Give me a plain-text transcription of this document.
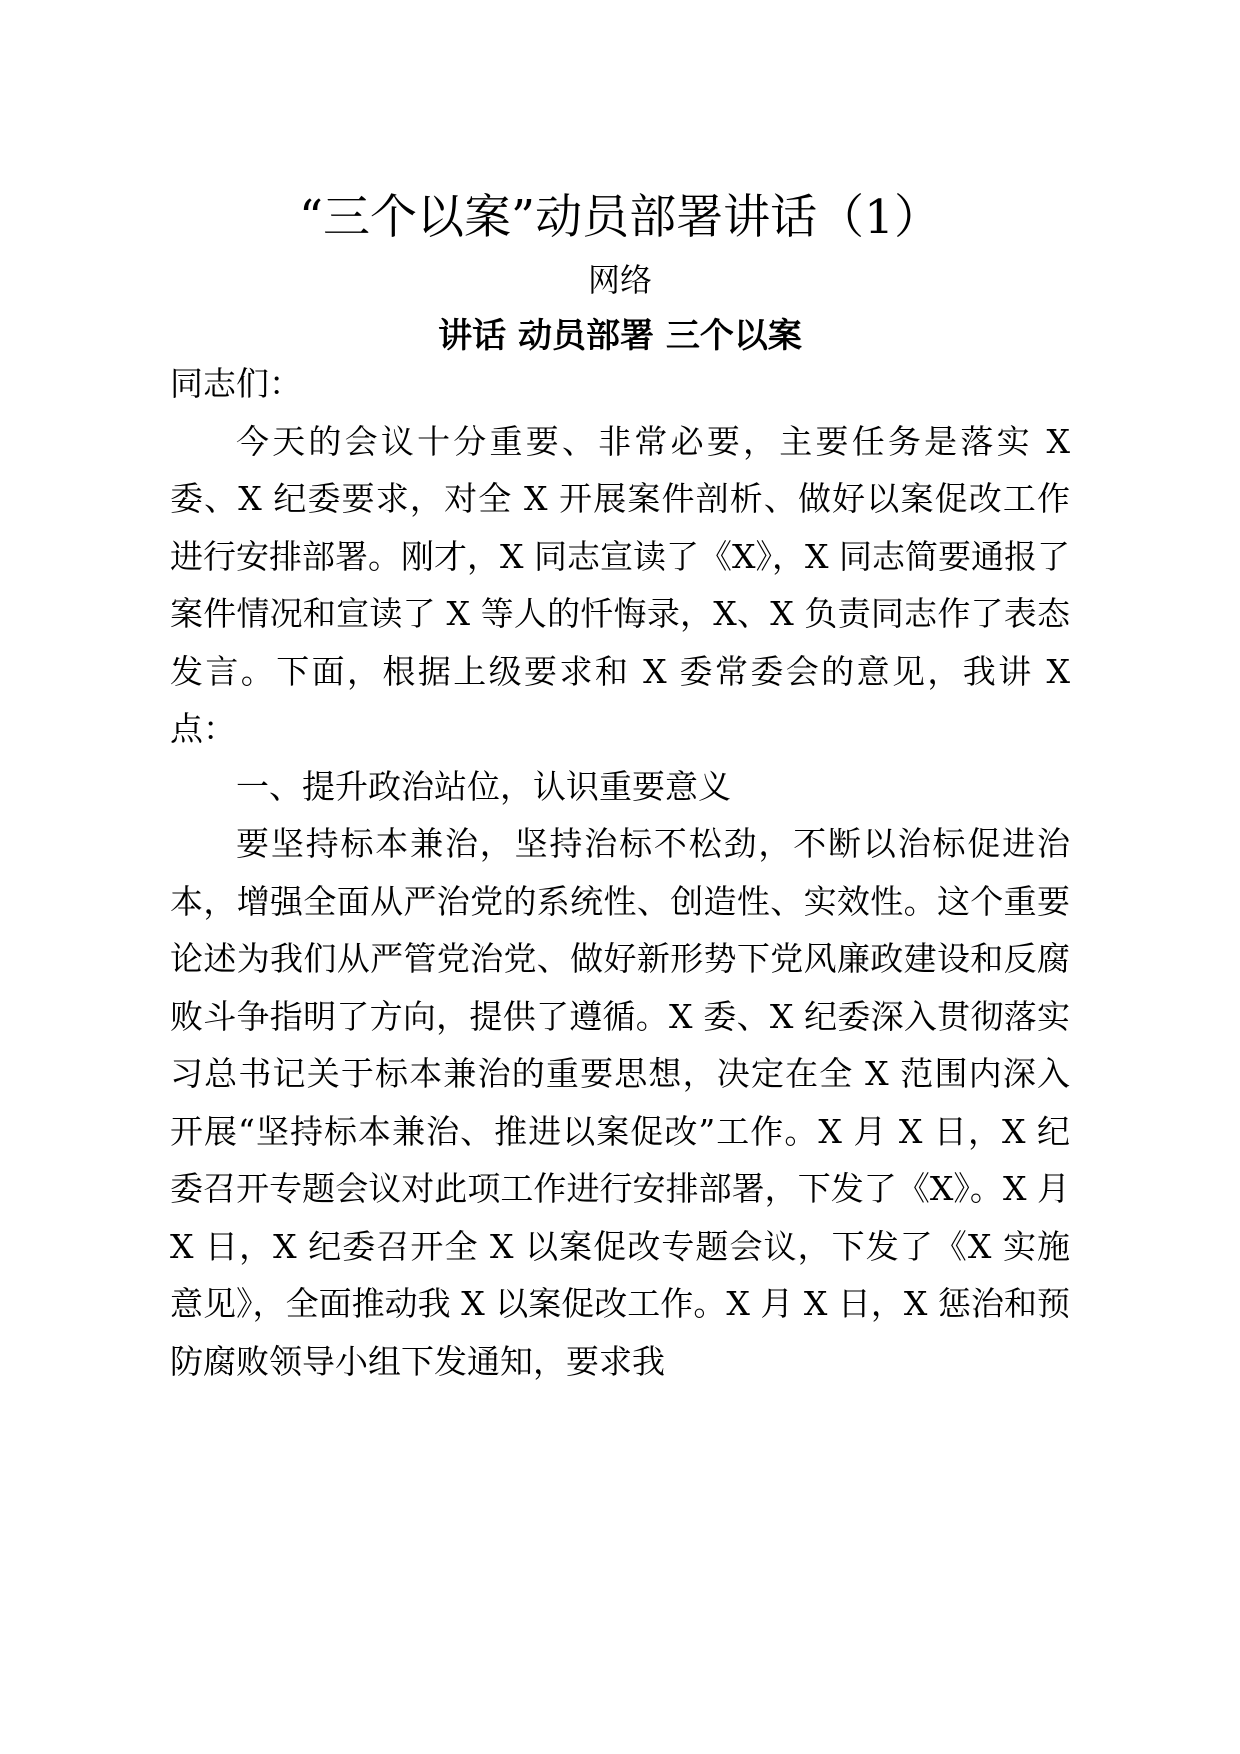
“三个以案”动员部署讲话（1）
网络
讲话 动员部署 三个以案

同志们：

今天的会议十分重要、非常必要，主要任务是落实 X 委、X 纪委要求，对全 X 开展案件剖析、做好以案促改工作进行安排部署。刚才，X 同志宣读了《X》，X 同志简要通报了案件情况和宣读了 X 等人的忏悔录，X、X 负责同志作了表态发言。下面，根据上级要求和 X 委常委会的意见，我讲 X 点：

一、提升政治站位，认识重要意义

要坚持标本兼治，坚持治标不松劲，不断以治标促进治本，增强全面从严治党的系统性、创造性、实效性。这个重要论述为我们从严管党治党、做好新形势下党风廉政建设和反腐败斗争指明了方向，提供了遵循。X 委、X 纪委深入贯彻落实习总书记关于标本兼治的重要思想，决定在全 X 范围内深入开展“坚持标本兼治、推进以案促改”工作。X 月 X 日，X 纪委召开专题会议对此项工作进行安排部署，下发了《X》。X 月 X 日，X 纪委召开全 X 以案促改专题会议，下发了《X 实施意见》，全面推动我 X 以案促改工作。X 月 X 日，X 惩治和预防腐败领导小组下发通知，要求我
